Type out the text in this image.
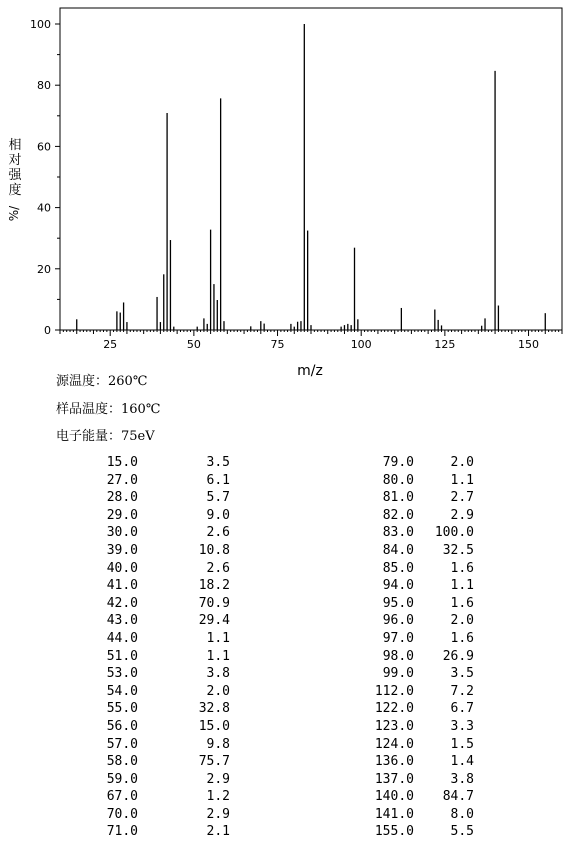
0
20
40
60
80
100
25	50	75	100	125	150
m/z
相
对
强
度
%/
源温度：260℃
样品温度：160℃
电子能量：75eV
15.0	3.5	79.0	2.0
27.0	6.1	80.0	1.1
28.0	5.7	81.0	2.7
29.0	9.0	82.0	2.9
30.0	2.6	83.0	100.0
39.0	10.8	84.0	32.5
40.0	2.6	85.0	1.6
41.0	18.2	94.0	1.1
42.0	70.9	95.0	1.6
43.0	29.4	96.0	2.0
44.0	1.1	97.0	1.6
51.0	1.1	98.0	26.9
53.0	3.8	99.0	3.5
54.0	2.0	112.0	7.2
55.0	32.8	122.0	6.7
56.0	15.0	123.0	3.3
57.0	9.8	124.0	1.5
58.0	75.7	136.0	1.4
59.0	2.9	137.0	3.8
67.0	1.2	140.0	84.7
70.0	2.9	141.0	8.0
71.0	2.1	155.0	5.5
